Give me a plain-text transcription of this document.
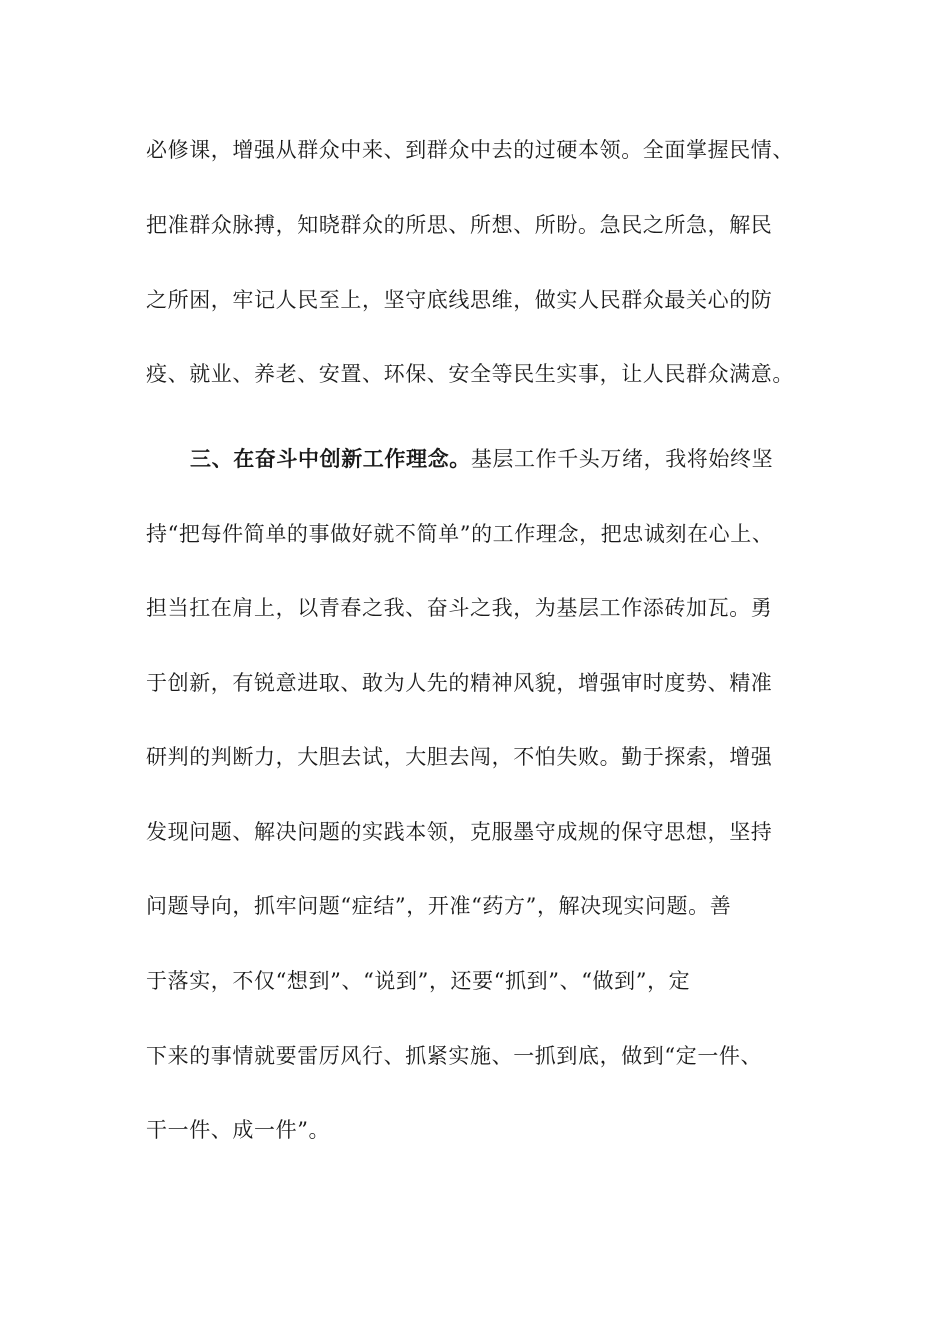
必修课，增强从群众中来、到群众中去的过硬本领。全面掌握民情、
把准群众脉搏，知晓群众的所思、所想、所盼。急民之所急，解民
之所困，牢记人民至上，坚守底线思维，做实人民群众最关心的防
疫、就业、养老、安置、环保、安全等民生实事，让人民群众满意。
三、在奋斗中创新工作理念。基层工作千头万绪，我将始终坚
持“把每件简单的事做好就不简单”的工作理念，把忠诚刻在心上、
担当扛在肩上，以青春之我、奋斗之我，为基层工作添砖加瓦。勇
于创新，有锐意进取、敢为人先的精神风貌，增强审时度势、精准
研判的判断力，大胆去试，大胆去闯，不怕失败。勤于探索，增强
发现问题、解决问题的实践本领，克服墨守成规的保守思想，坚持
问题导向，抓牢问题“症结”，开准“药方”，解决现实问题。善
于落实，不仅“想到”、“说到”，还要“抓到”、“做到”，定
下来的事情就要雷厉风行、抓紧实施、一抓到底，做到“定一件、
干一件、成一件”。
